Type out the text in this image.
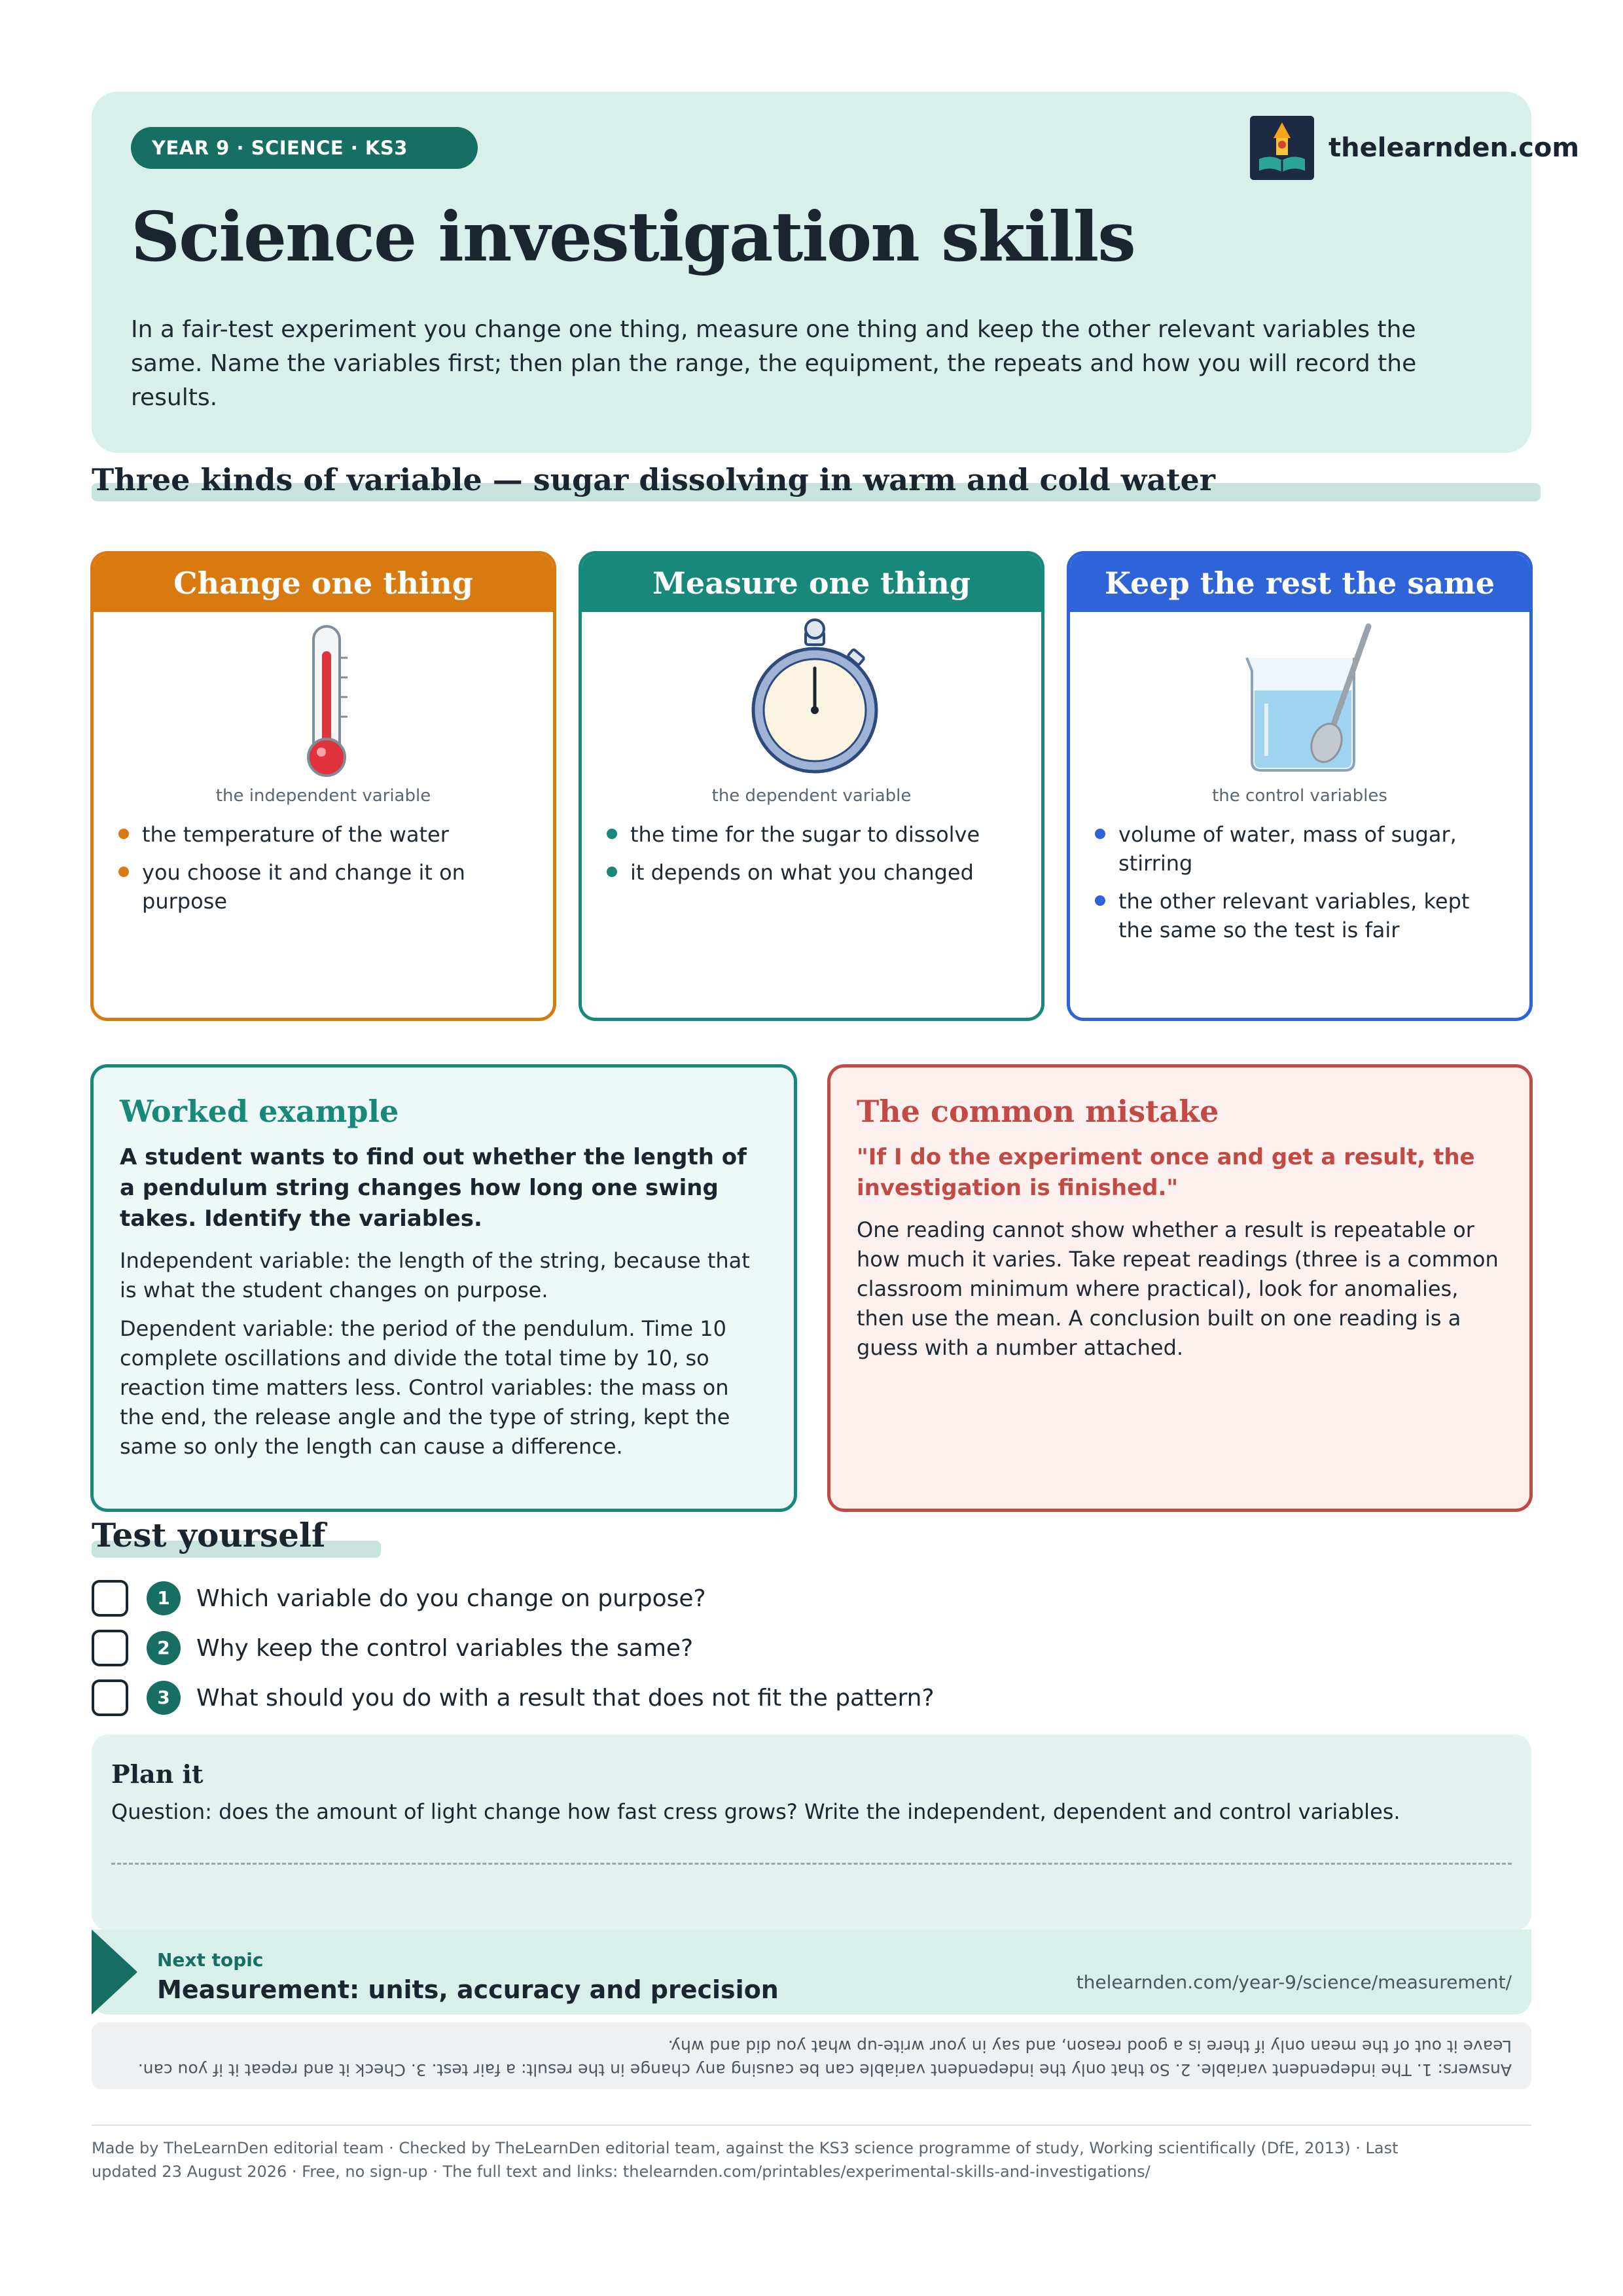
YEAR 9 · SCIENCE · KS3
Science investigation skills
In a fair-test experiment you change one thing, measure one thing and keep the other relevant variables the same. Name the variables first; then plan the range, the equipment, the repeats and how you will record the results.
thelearnden.com
Three kinds of variable — sugar dissolving in warm and cold water
Change one thing
the independent variable
the temperature of the water
you choose it and change it on purpose
Measure one thing
the dependent variable
the time for the sugar to dissolve
it depends on what you changed
Keep the rest the same
the control variables
volume of water, mass of sugar, stirring
the other relevant variables, kept the same so the test is fair
Worked example
A student wants to find out whether the length of a pendulum string changes how long one swing takes. Identify the variables.
Independent variable: the length of the string, because that is what the student changes on purpose.
Dependent variable: the period of the pendulum. Time 10 complete oscillations and divide the total time by 10, so reaction time matters less. Control variables: the mass on the end, the release angle and the type of string, kept the same so only the length can cause a difference.
The common mistake
"If I do the experiment once and get a result, the investigation is finished."
One reading cannot show whether a result is repeatable or how much it varies. Take repeat readings (three is a common classroom minimum where practical), look for anomalies, then use the mean. A conclusion built on one reading is a guess with a number attached.
Test yourself
1	Which variable do you change on purpose?
2	Why keep the control variables the same?
3	What should you do with a result that does not fit the pattern?
Plan it
Question: does the amount of light change how fast cress grows? Write the independent, dependent and control variables.
Next topic
Measurement: units, accuracy and precision	thelearnden.com/year-9/science/measurement/
Answers: 1. The independent variable. 2. So that only the independent variable can be causing any change in the result: a fair test. 3. Check it and repeat it if you can. Leave it out of the mean only if there is a good reason, and say in your write-up what you did and why.
Made by TheLearnDen editorial team · Checked by TheLearnDen editorial team, against the KS3 science programme of study, Working scientifically (DfE, 2013) · Last updated 23 August 2026 · Free, no sign-up · The full text and links: thelearnden.com/printables/experimental-skills-and-investigations/
